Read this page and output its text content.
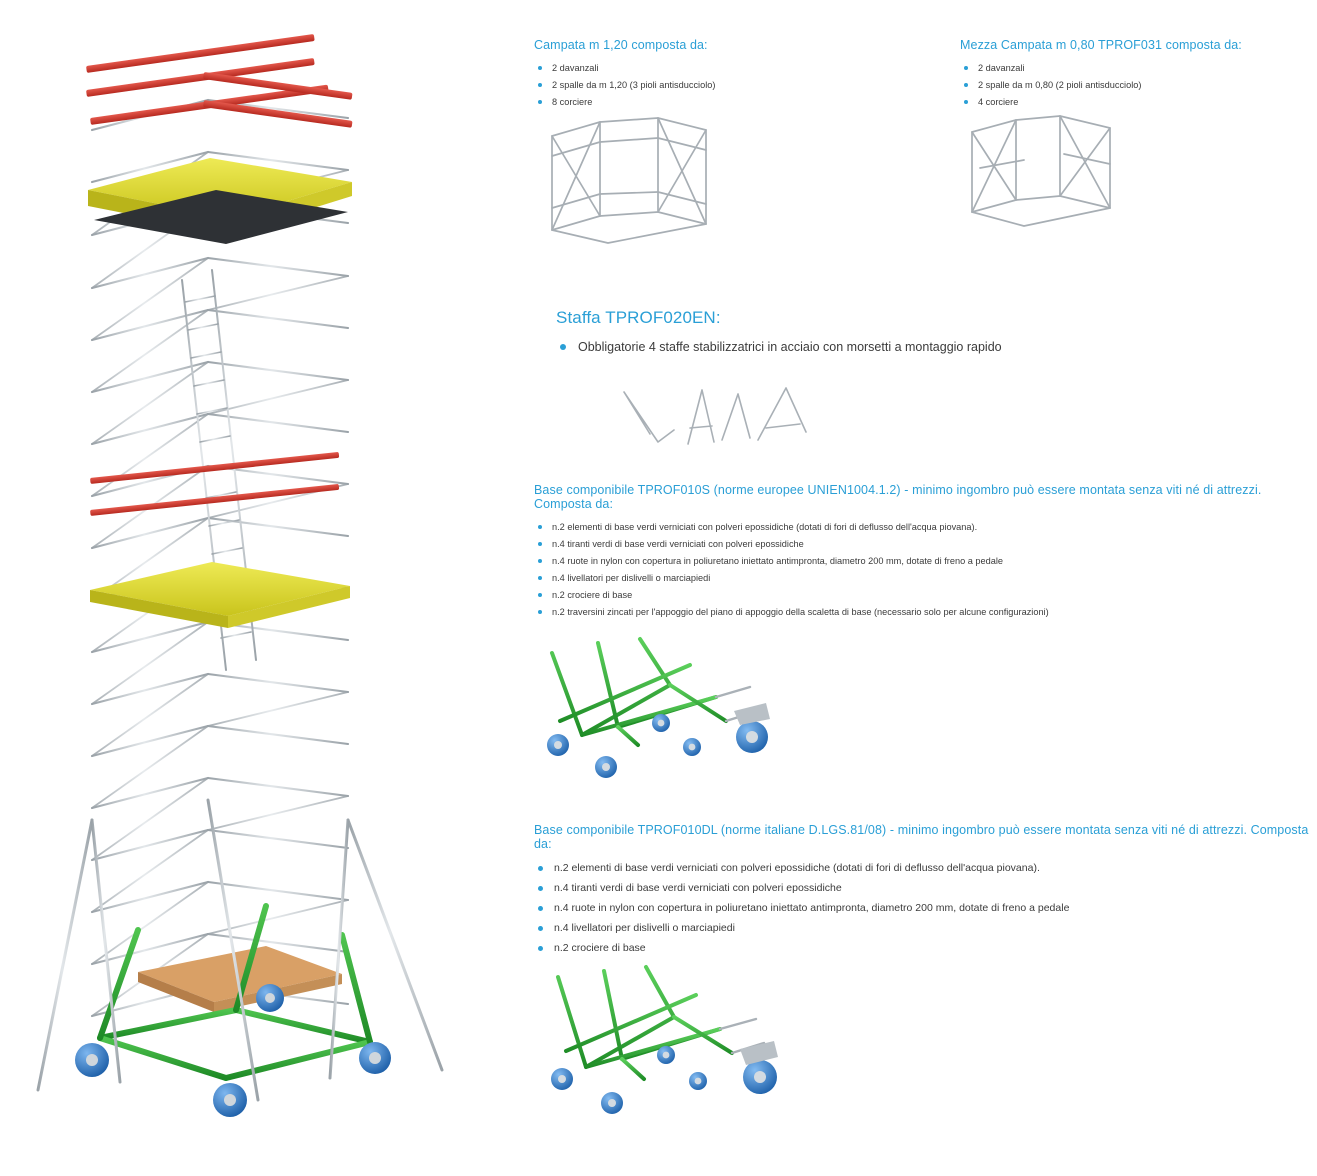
Campata m 1,20 composta da:
2 davanzali
2 spalle da m 1,20 (3 pioli antisducciolo)
8 corciere
Mezza Campata m 0,80 TPROF031 composta da:
2 davanzali
2 spalle da m 0,80 (2 pioli antisducciolo)
4 corciere
Staffa TPROF020EN:
Obbligatorie 4 staffe stabilizzatrici in acciaio con morsetti a montaggio rapido
Base componibile TPROF010S (norme europee UNIEN1004.1.2) - minimo ingombro può essere montata senza viti né di attrezzi. Composta da:
n.2 elementi di base verdi verniciati con polveri epossidiche (dotati di fori di deflusso dell'acqua piovana).
n.4 tiranti verdi di base verdi verniciati con polveri epossidiche
n.4 ruote in nylon con copertura in poliuretano iniettato antimpronta, diametro 200 mm, dotate di freno a pedale
n.4 livellatori per dislivelli o marciapiedi
n.2 crociere di base
n.2 traversini zincati per l'appoggio del piano di appoggio della scaletta di base (necessario solo per alcune configurazioni)
Base componibile TPROF010DL (norme italiane D.LGS.81/08) - minimo ingombro può essere montata senza viti né di attrezzi. Composta da:
n.2 elementi di base verdi verniciati con polveri epossidiche (dotati di fori di deflusso dell'acqua piovana).
n.4 tiranti verdi di base verdi verniciati con polveri epossidiche
n.4 ruote in nylon con copertura in poliuretano iniettato antimpronta, diametro 200 mm, dotate di freno a pedale
n.4 livellatori per dislivelli o marciapiedi
n.2 crociere di base
